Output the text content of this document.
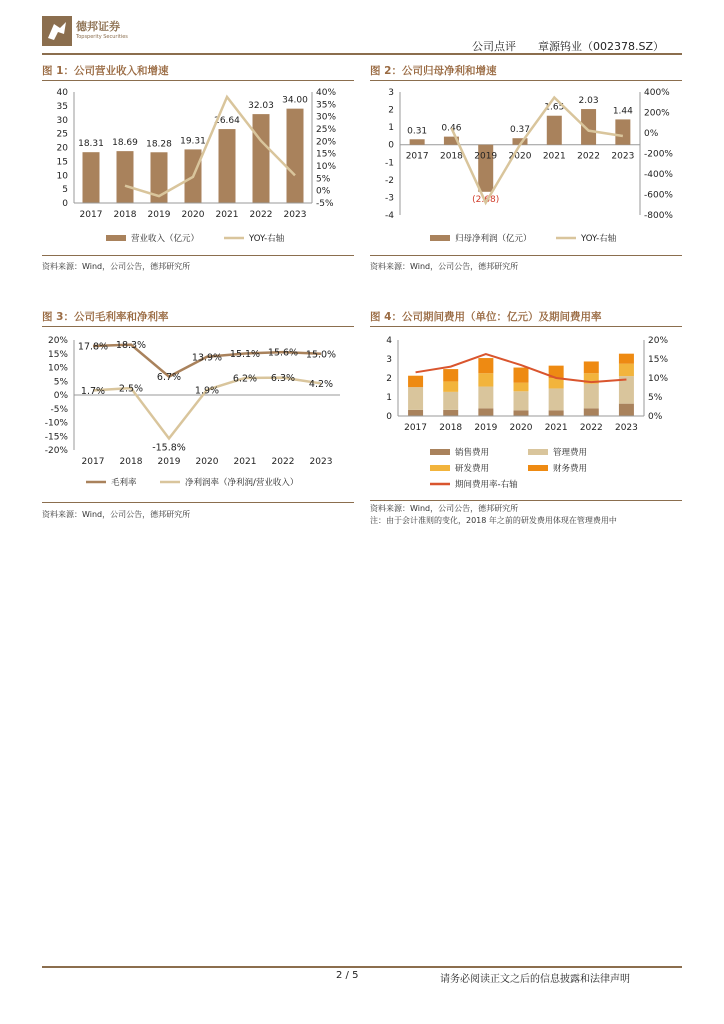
德邦证券
Topsperity Securities
公司点评 章源钨业（002378.SZ）
图 1：公司营业收入和增速
0
5
10
15
20
25
30
35
40
-5%
0%
5%
10%
15%
20%
25%
30%
35%
40%
18.31 18.69 18.28 19.31
26.64
32.03
34.00
2017 2018 2019 2020 2021 2022 2023
营业收入（亿元）	YOY-右轴
资料来源：Wind，公司公告，德邦研究所
图 2：公司归母净利和增速
-4
-3
-2
-1
0
1
2
3
-800%
-600%
-400%
-200%
0%
200%
400%
0.31 0.46
(2.68)
0.37
1.65
2.03
1.44
2017 2018 2019 2020 2021 2022 2023
归母净利润（亿元）	YOY-右轴
资料来源：Wind，公司公告，德邦研究所
图 3：公司毛利率和净利率
-20%
-15%
-10%
-5%
0%
5%
10%
15%
20%
2017 2018 2019 2020 2021 2022 2023
17.8% 18.3%
6.7%
13.9% 15.1% 15.6% 15.0%
1.7% 2.5%
-15.8%
1.9%
6.2% 6.3%
4.2%
毛利率	净利润率（净利润/营业收入）
资料来源：Wind，公司公告，德邦研究所
图 4：公司期间费用（单位：亿元）及期间费用率
0
1
2
3
4
0%
5%
10%
15%
20%
2017 2018 2019 2020 2021 2022 2023
销售费用	管理费用
研发费用	财务费用
期间费用率-右轴
资料来源：Wind，公司公告，德邦研究所
注：由于会计准则的变化，2018 年之前的研发费用体现在管理费用中
2 / 5	请务必阅读正文之后的信息披露和法律声明
